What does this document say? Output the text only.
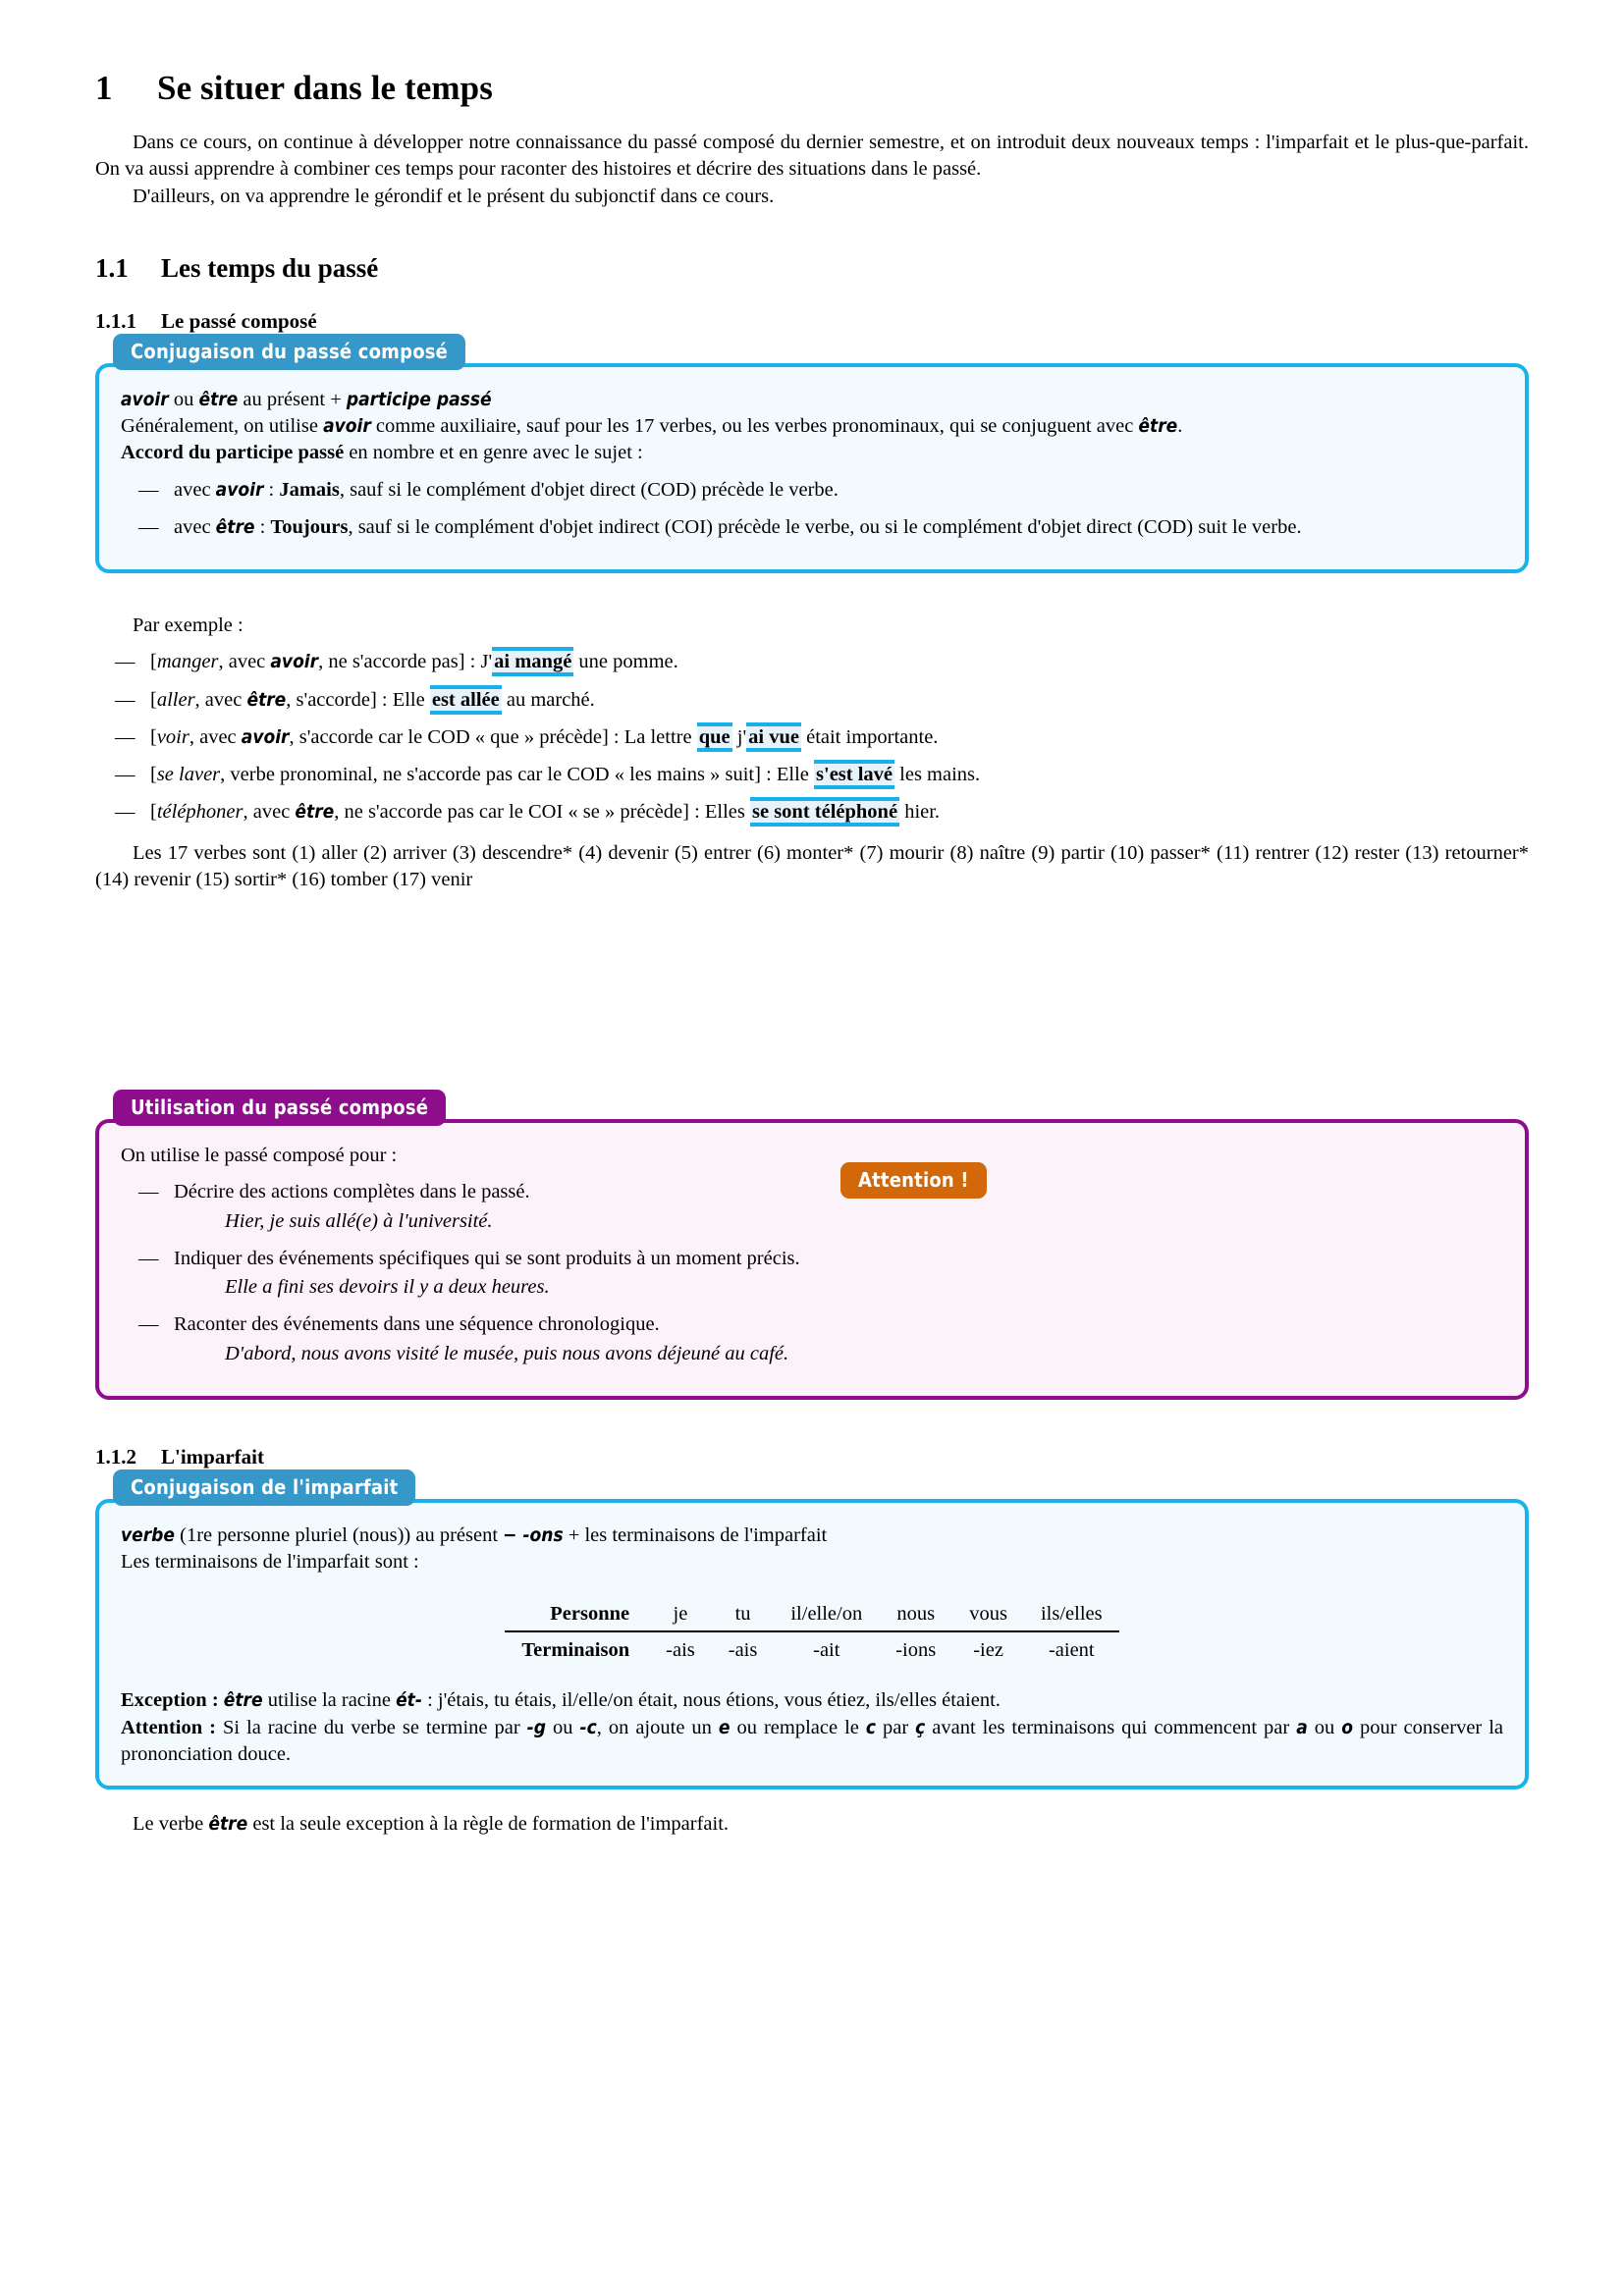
1 Se situer dans le temps

Dans ce cours, on continue à développer notre connaissance du passé composé du dernier semestre, et on introduit deux nouveaux temps : l'imparfait et le plus-que-parfait. On va aussi apprendre à combiner ces temps pour raconter des histoires et décrire des situations dans le passé.

D'ailleurs, on va apprendre le gérondif et le présent du subjonctif dans ce cours.

1.1 Les temps du passé
1.1.1 Le passé composé
Conjugaison du passé composé

avoir ou être au présent + participe passé

Généralement, on utilise avoir comme auxiliaire, sauf pour les 17 verbes, ou les verbes pronominaux, qui se conjuguent avec être.

Accord du participe passé en nombre et en genre avec le sujet :

— avec avoir : Jamais, sauf si le complément d'objet direct (COD) précède le verbe.
— avec être : Toujours, sauf si le complément d'objet indirect (COI) précède le verbe, ou si le complément d'objet direct (COD) suit le verbe.

Par exemple :

— [manger, avec avoir, ne s'accorde pas] : J'ai mangé une pomme.
— [aller, avec être, s'accorde] : Elle est allée au marché.
— [voir, avec avoir, s'accorde car le COD « que » précède] : La lettre que j'ai vue était importante.
— [se laver, verbe pronominal, ne s'accorde pas car le COD « les mains » suit] : Elle s'est lavé les mains.
— [téléphoner, avec être, ne s'accorde pas car le COI « se » précède] : Elles se sont téléphoné hier.

Les 17 verbes sont (1) aller (2) arriver (3) descendre* (4) devenir (5) entrer (6) monter* (7) mourir (8) naître (9) partir (10) passer* (11) rentrer (12) rester (13) retourner* (14) revenir (15) sortir* (16) tomber (17) venir

Attention !

—
Utilisation du passé composé

On utilise le passé composé pour :

— Décrire des actions complètes dans le passé.
Hier, je suis allé(e) à l'université.
— Indiquer des événements spécifiques qui se sont produits à un moment précis.
Elle a fini ses devoirs il y a deux heures.
— Raconter des événements dans une séquence chronologique.
D'abord, nous avons visité le musée, puis nous avons déjeuné au café.
1.1.2 L'imparfait
Conjugaison de l'imparfait

verbe (1re personne pluriel (nous)) au présent − -ons + les terminaisons de l'imparfait

Les terminaisons de l'imparfait sont :

Personne	je	tu	il/elle/on	nous	vous	ils/elles

Terminaison	-ais	-ais	-ait	-ions	-iez	-aient

Exception : être utilise la racine ét- : j'étais, tu étais, il/elle/on était, nous étions, vous étiez, ils/elles étaient.

Attention : Si la racine du verbe se termine par -g ou -c, on ajoute un e ou remplace le c par ç avant les terminaisons qui commencent par a ou o pour conserver la prononciation douce.

Le verbe être est la seule exception à la règle de formation de l'imparfait.
